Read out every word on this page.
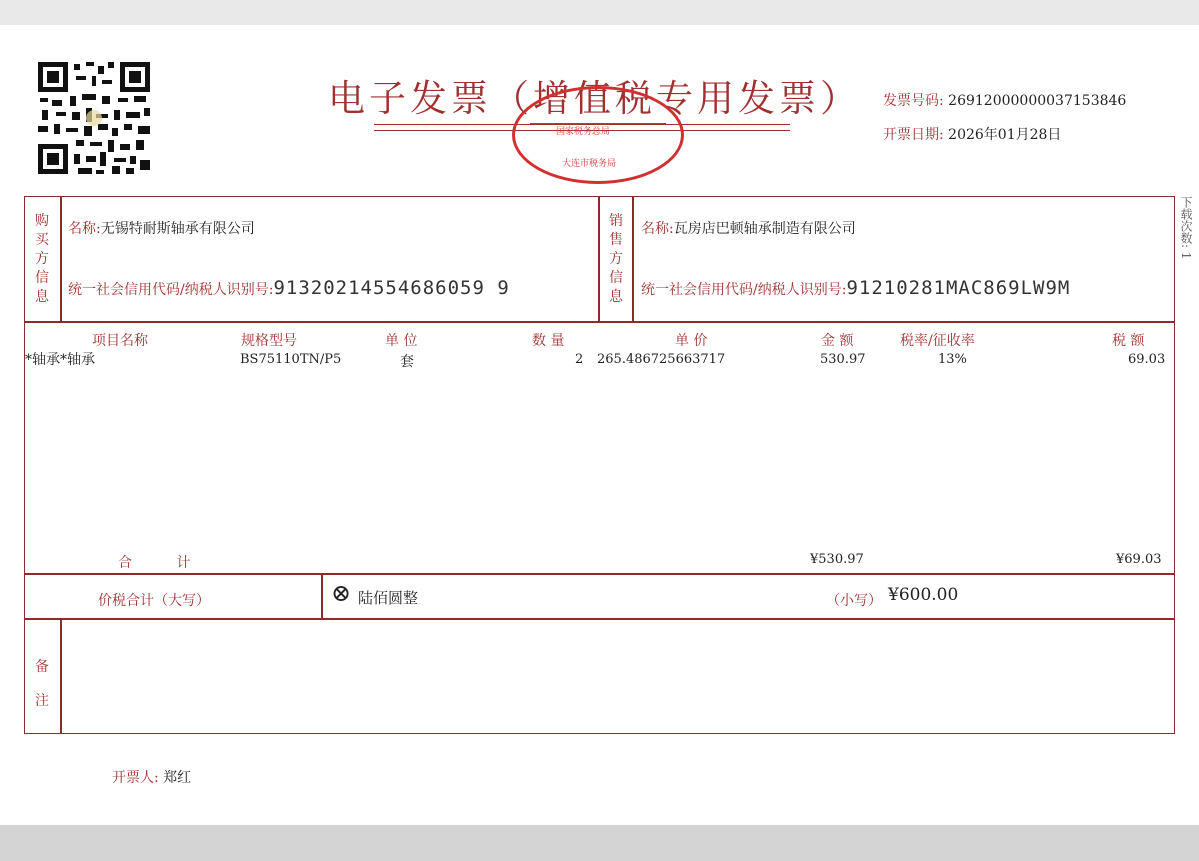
电子发票（增值税专用发票）
国家税务总局
大连市税务局
发票号码: 26912000000037153846
开票日期: 2026年01月28日
购
买
方
信
息
销
售
方
信
息
名称:无锡特耐斯轴承有限公司
统一社会信用代码/纳税人识别号:91320214554686059 9
名称:瓦房店巴顿轴承制造有限公司
统一社会信用代码/纳税人识别号:91210281MAC869LW9M
项目名称	规格型号	单 位	数 量	单 价	金 额	税率/征收率	税 额
*轴承*轴承	BS75110TN/P5	套	2 265.486725663717	530.97	13%	69.03
合          计	¥530.97	¥69.03
价税合计（大写）	⊗ 陆佰圆整	（小写） ¥600.00
备
注
开票人: 郑红
下载次数: 1
